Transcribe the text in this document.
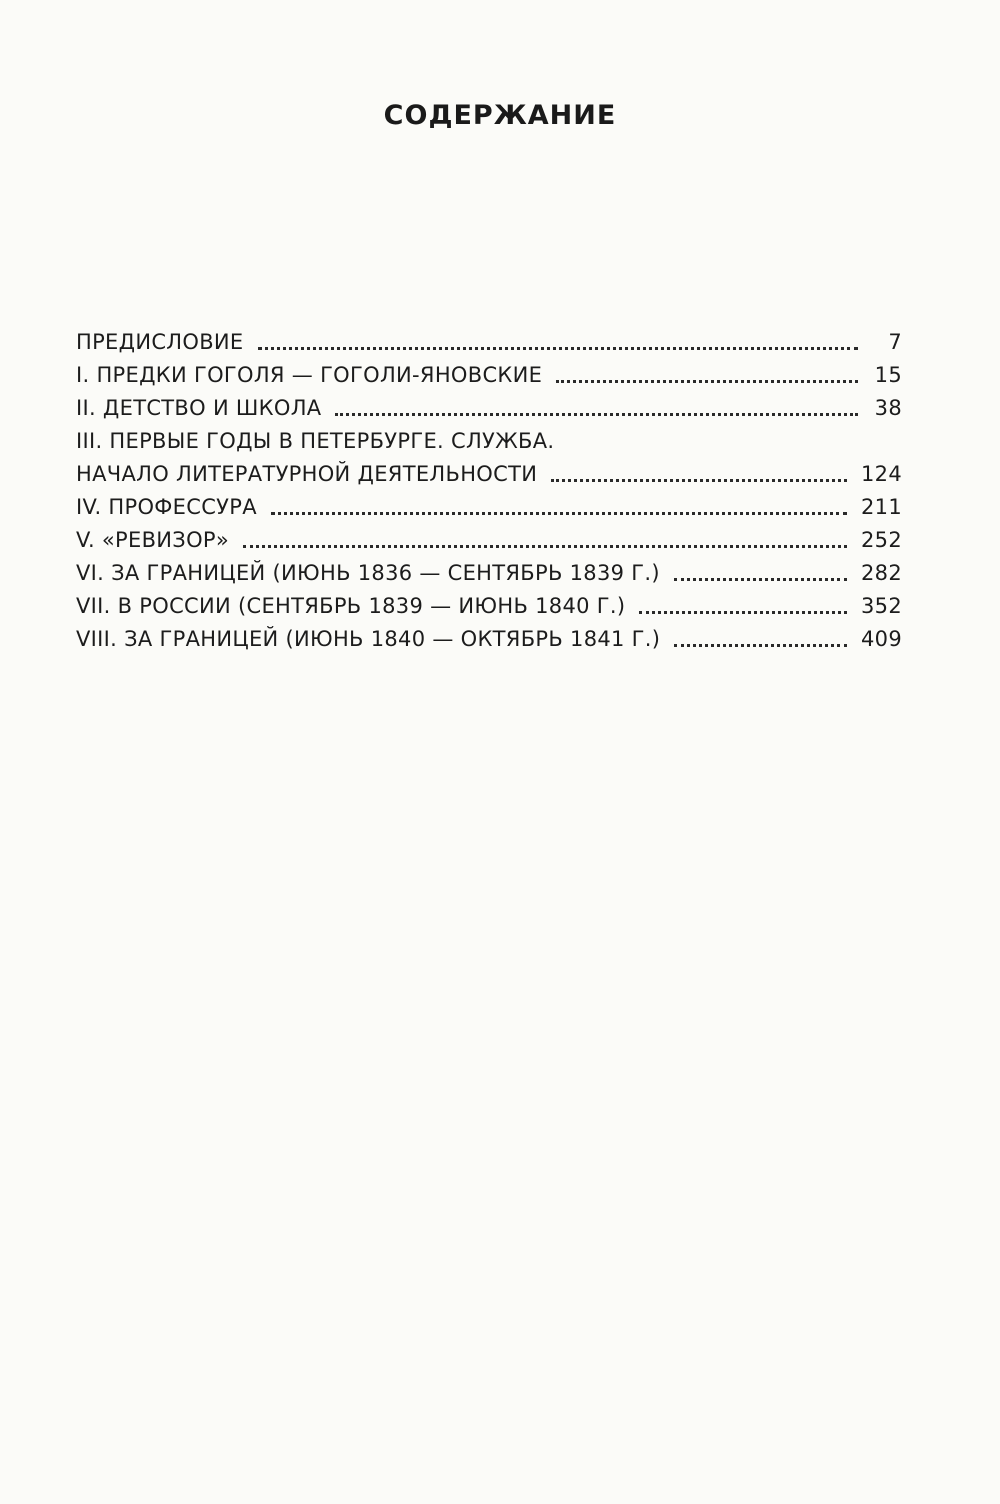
СОДЕРЖАНИЕ
ПРЕДИСЛОВИЕ	7
I. ПРЕДКИ ГОГОЛЯ — ГОГОЛИ-ЯНОВСКИЕ	15
II. ДЕТСТВО И ШКОЛА	38
III. ПЕРВЫЕ ГОДЫ В ПЕТЕРБУРГЕ. СЛУЖБА.
НАЧАЛО ЛИТЕРАТУРНОЙ ДЕЯТЕЛЬНОСТИ	124
IV. ПРОФЕССУРА	211
V. «РЕВИЗОР»	252
VI. ЗА ГРАНИЦЕЙ (ИЮНЬ 1836 — СЕНТЯБРЬ 1839 Г.)	282
VII. В РОССИИ (СЕНТЯБРЬ 1839 — ИЮНЬ 1840 Г.)	352
VIII. ЗА ГРАНИЦЕЙ (ИЮНЬ 1840 — ОКТЯБРЬ 1841 Г.)	409
